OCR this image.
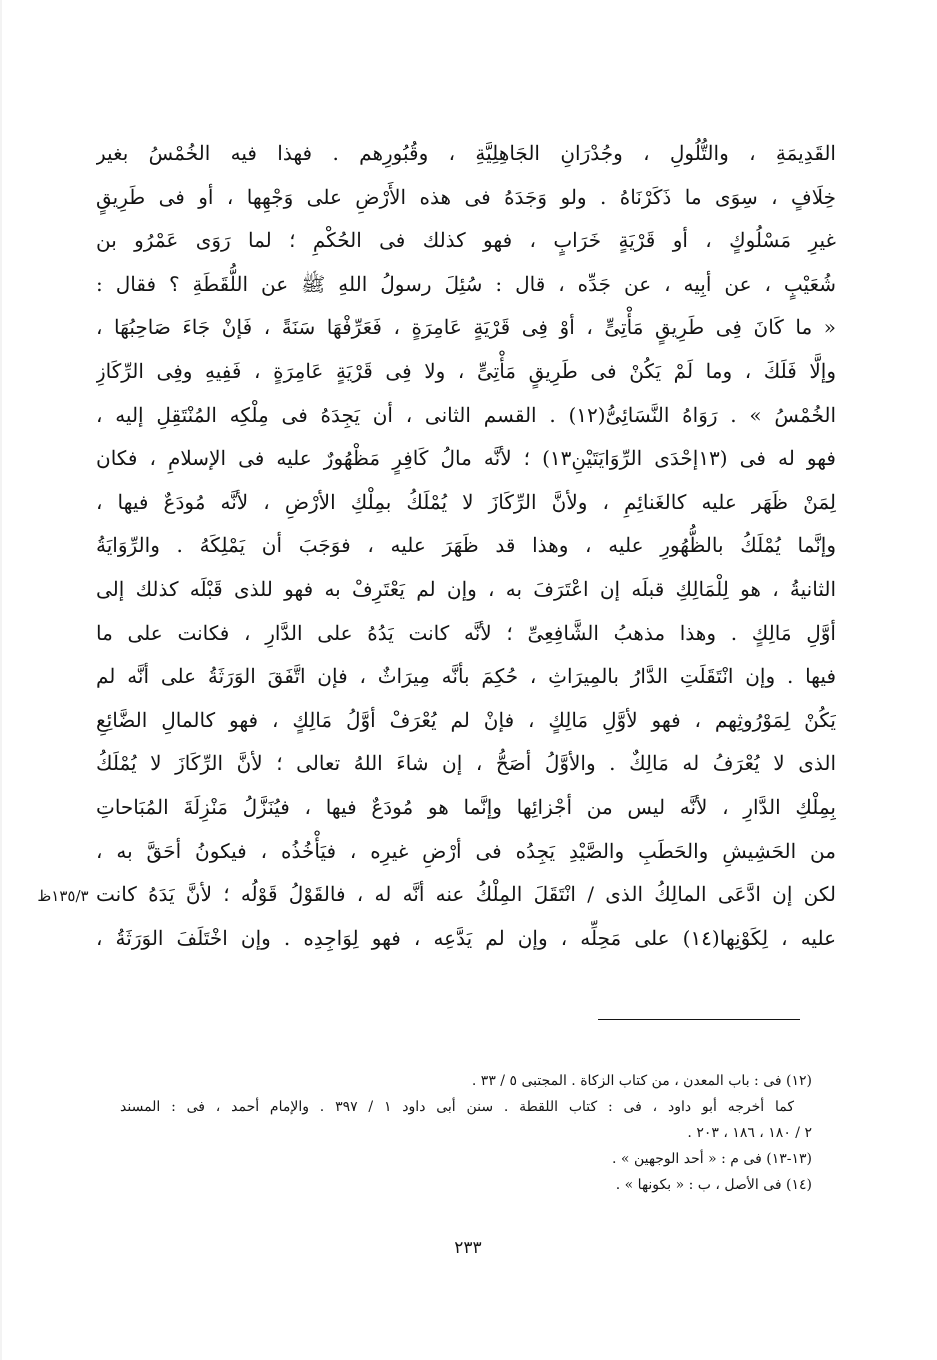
القَدِيمَةِ ، والتُّلُولِ ، وجُدْرَانِ الجَاهِلِيَّةِ ، وقُبُورِهم . فهذا فيه الخُمْسُ بغير
خِلَافٍ ، سِوَى ما ذَكَرْنَاهُ . ولو وَجَدَهُ فى هذه الأَرْضِ على وَجْهِها ، أو فى طَرِيقٍ
غيرِ مَسْلُوكٍ ، أو قَرْيَةٍ خَرَابٍ ، فهو كذلك فى الحُكْمِ ؛ لما رَوَى عَمْرُو بن
شُعَيْبٍ ، عن أبِيه ، عن جَدِّه ، قال : سُئِلَ رسولُ اللهِ ﷺ عن اللُّقَطَةِ ؟ فقال :
« ما كَانَ فِى طَرِيقٍ مَأْتِىٍّ ، أوْ فِى قَرْيَةٍ عَامِرَةٍ ، فَعَرِّفْهَا سَنَةً ، فَإنْ جَاءَ صَاحِبُهَا ،
وإلَّا فَلَكَ ، وما لَمْ يَكُنْ فى طَرِيقٍ مَأْتِىٍّ ، ولا فِى قَرْيَةٍ عَامِرَةٍ ، فَفِيهِ وفِى الرِّكَازِ
الخُمْسُ » . رَوَاهُ النَّسَائِىُّ(١٢) . القسم الثانى ، أن يَجِدَهُ فى مِلْكِه المُنْتَقِلِ إليه ،
فهو له فى (١٣إحْدَى الرِّوَايَتَيْنِ١٣) ؛ لأنَّه مالُ كَافِرٍ مَظْهُورٌ عليه فى الإسلامِ ، فكان
لِمَنْ ظَهَر عليه كالغَنائِمِ ، ولأنَّ الرِّكَازَ لا يُمْلَكُ بمِلْكِ الأرْضِ ، لأنَّه مُودَعٌ فيها ،
وإنَّما يُمْلَكُ بالظُّهُورِ عليه ، وهذا قد ظَهَرَ عليه ، فوَجَبَ أن يَمْلِكَهُ . والرِّوَايَةُ
الثانيةُ ، هو لِلْمَالِكِ قبلَه إن اعْتَرَفَ به ، وإن لم يَعْتَرِفْ به فهو للذى قَبْلَه كذلك إلى
أوَّلِ مَالِكٍ . وهذا مذهبُ الشَّافِعِىِّ ؛ لأنَّه كانت يَدُهُ على الدَّارِ ، فكانت على ما
فيها . وإن انْتَقَلَتِ الدَّارُ بالمِيرَاثِ ، حُكِمَ بأنَّه مِيرَاثٌ ، فإن اتَّفَقَ الوَرَثَةُ على أنَّه لم
يَكُنْ لِمَوْرُوثِهم ، فهو لأوَّلِ مَالِكٍ ، فإنْ لم يُعْرَفْ أوَّلُ مَالِكٍ ، فهو كالمالِ الضَّائِعِ
الذى لا يُعْرَفُ له مَالِكٌ . والأوَّلُ أصَحُّ ، إن شاءَ اللهُ تعالى ؛ لأنَّ الرِّكَازَ لا يُمْلَكُ
بِمِلْكِ الدَّارِ ، لأنَّه ليس من أجْزائِها وإنَّما هو مُودَعٌ فيها ، فيُنَزَّلُ مَنْزِلَةَ المُبَاحاتِ
من الحَشِيشِ والحَطَبِ والصَّيْدِ يَجِدُه فى أرْضِ غيرِه ، فيَأْخُذُه ، فيكونُ أحَقَّ به ،
لكن إن ادَّعَى المالِكُ الذى / انْتَقَلَ المِلْكُ عنه أنَّه له ، فالقَوْلُ قَوْلُه ؛ لأنَّ يَدَهُ كانت
عليه ، لِكَوْنِها(١٤) على مَحِلِّه ، وإن لم يَدَّعِه ، فهو لِوَاجِدِه . وإن اخْتَلَفَ الوَرَثَةُ ،
١٣٥/٣ظ
(١٢) فى : باب المعدن ، من كتاب الزكاة . المجتبى ٥ / ٣٣ .
كما أخرجه أبو داود ، فى : كتاب اللقطة . سنن أبى داود ١ / ٣٩٧ . والإمام أحمد ، فى : المسند
٢ / ١٨٠ ، ١٨٦ ، ٢٠٣ .
(١٣-١٣) فى م : « أحد الوجهين » .
(١٤) فى الأصل ، ب : « بكونها » .
٢٣٣
